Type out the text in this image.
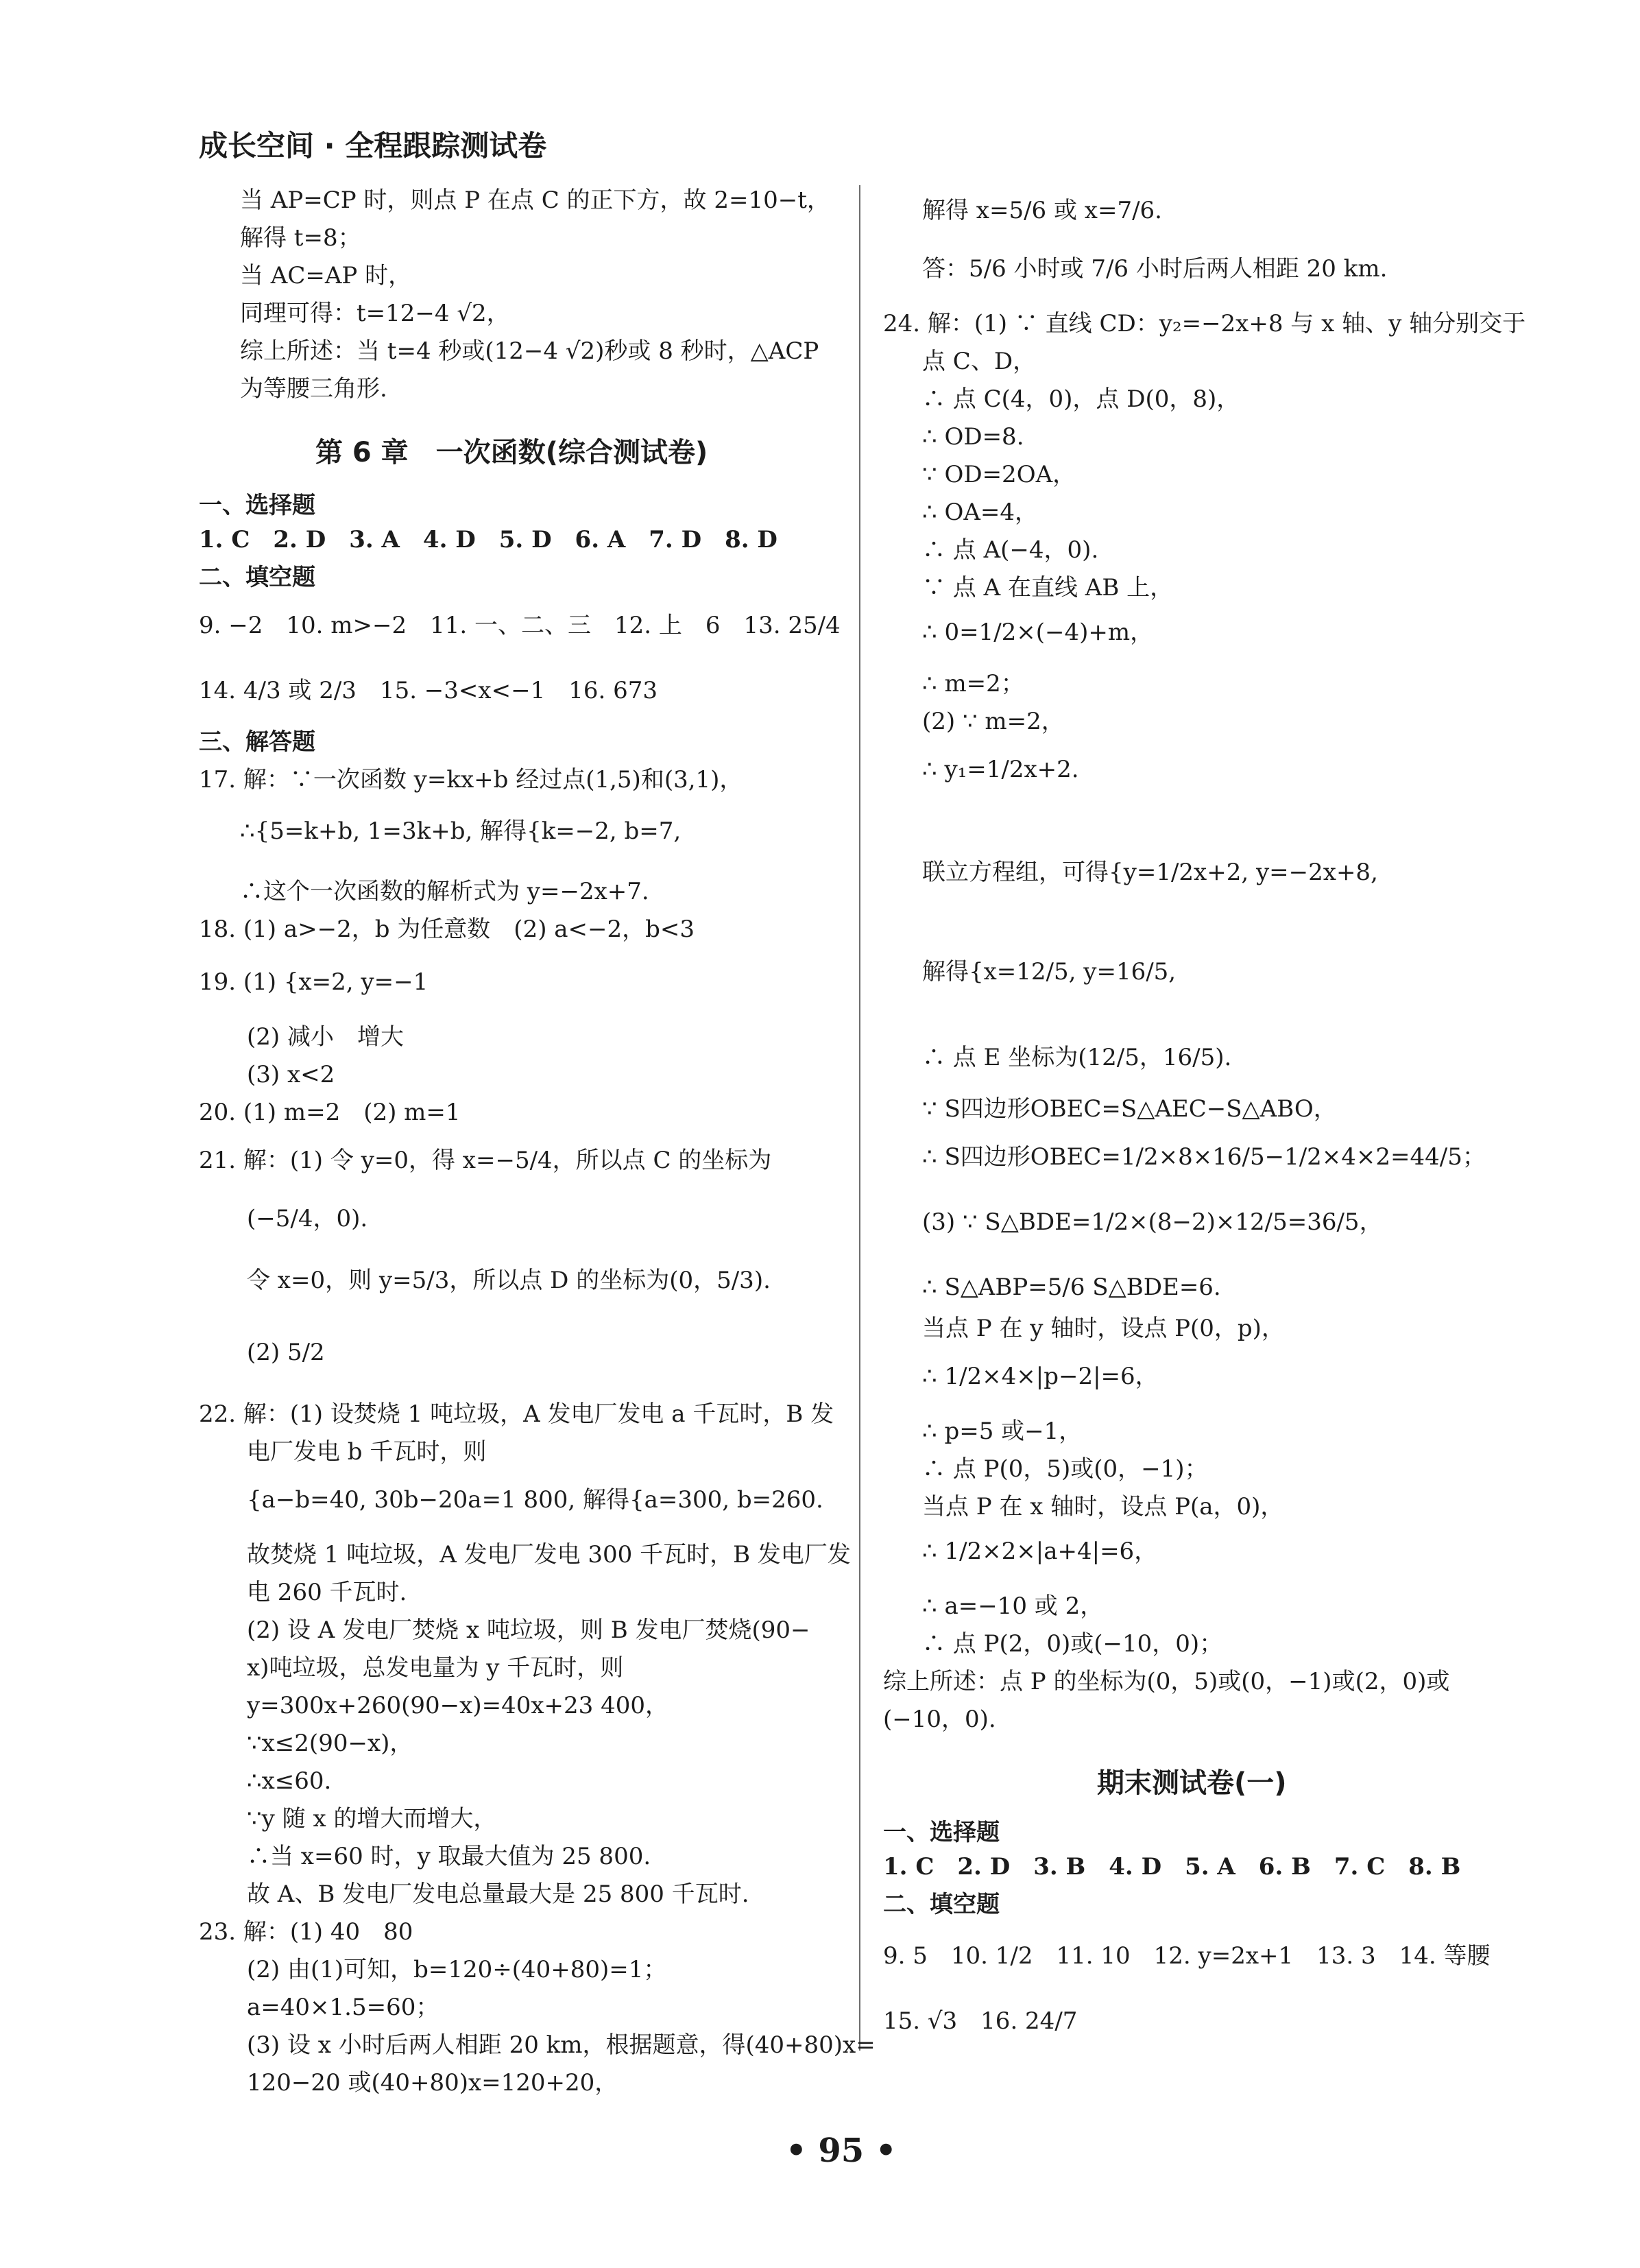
成长空间 · 全程跟踪测试卷
当 AP=CP 时，则点 P 在点 C 的正下方，故 2=10−t，
解得 t=8；
当 AC=AP 时，
同理可得：t=12−4 √2，
综上所述：当 t=4 秒或(12−4 √2)秒或 8 秒时，△ACP
为等腰三角形.
第 6 章　一次函数(综合测试卷)
一、选择题
1. C　2. D　3. A　4. D　5. D　6. A　7. D　8. D
二、填空题
9. −2　10. m>−2　11. 一、二、三　12. 上　6　13. 25/4
14. 4/3 或 2/3　15. −3<x<−1　16. 673
三、解答题
17. 解：∵一次函数 y=kx+b 经过点(1,5)和(3,1)，
∴{5=k+b, 1=3k+b, 解得{k=−2, b=7,
∴这个一次函数的解析式为 y=−2x+7.
18. (1) a>−2，b 为任意数　(2) a<−2，b<3
19. (1) {x=2, y=−1
(2) 减小　增大
(3) x<2
20. (1) m=2　(2) m=1
21. 解：(1) 令 y=0，得 x=−5/4，所以点 C 的坐标为
(−5/4，0).
令 x=0，则 y=5/3，所以点 D 的坐标为(0，5/3).
(2) 5/2
22. 解：(1) 设焚烧 1 吨垃圾，A 发电厂发电 a 千瓦时，B 发
电厂发电 b 千瓦时，则
{a−b=40, 30b−20a=1 800, 解得{a=300, b=260.
故焚烧 1 吨垃圾，A 发电厂发电 300 千瓦时，B 发电厂发
电 260 千瓦时.
(2) 设 A 发电厂焚烧 x 吨垃圾，则 B 发电厂焚烧(90−
x)吨垃圾，总发电量为 y 千瓦时，则
y=300x+260(90−x)=40x+23 400，
∵x≤2(90−x)，
∴x≤60.
∵y 随 x 的增大而增大，
∴当 x=60 时，y 取最大值为 25 800.
故 A、B 发电厂发电总量最大是 25 800 千瓦时.
23. 解：(1) 40　80
(2) 由(1)可知，b=120÷(40+80)=1；
a=40×1.5=60；
(3) 设 x 小时后两人相距 20 km，根据题意，得(40+80)x=
120−20 或(40+80)x=120+20，
解得 x=5/6 或 x=7/6.
答：5/6 小时或 7/6 小时后两人相距 20 km.
24. 解：(1) ∵ 直线 CD：y₂=−2x+8 与 x 轴、y 轴分别交于
点 C、D，
∴ 点 C(4，0)，点 D(0，8)，
∴ OD=8.
∵ OD=2OA，
∴ OA=4，
∴ 点 A(−4，0).
∵ 点 A 在直线 AB 上，
∴ 0=1/2×(−4)+m，
∴ m=2；
(2) ∵ m=2，
∴ y₁=1/2x+2.
联立方程组，可得{y=1/2x+2, y=−2x+8,
解得{x=12/5, y=16/5,
∴ 点 E 坐标为(12/5，16/5).
∵ S四边形OBEC=S△AEC−S△ABO，
∴ S四边形OBEC=1/2×8×16/5−1/2×4×2=44/5；
(3) ∵ S△BDE=1/2×(8−2)×12/5=36/5，
∴ S△ABP=5/6 S△BDE=6.
当点 P 在 y 轴时，设点 P(0，p)，
∴ 1/2×4×|p−2|=6，
∴ p=5 或−1，
∴ 点 P(0，5)或(0，−1)；
当点 P 在 x 轴时，设点 P(a，0)，
∴ 1/2×2×|a+4|=6，
∴ a=−10 或 2，
∴ 点 P(2，0)或(−10，0)；
综上所述：点 P 的坐标为(0，5)或(0，−1)或(2，0)或
(−10，0).
期末测试卷(一)
一、选择题
1. C　2. D　3. B　4. D　5. A　6. B　7. C　8. B
二、填空题
9. 5　10. 1/2　11. 10　12. y=2x+1　13. 3　14. 等腰
15. √3　16. 24/7
• 95 •
